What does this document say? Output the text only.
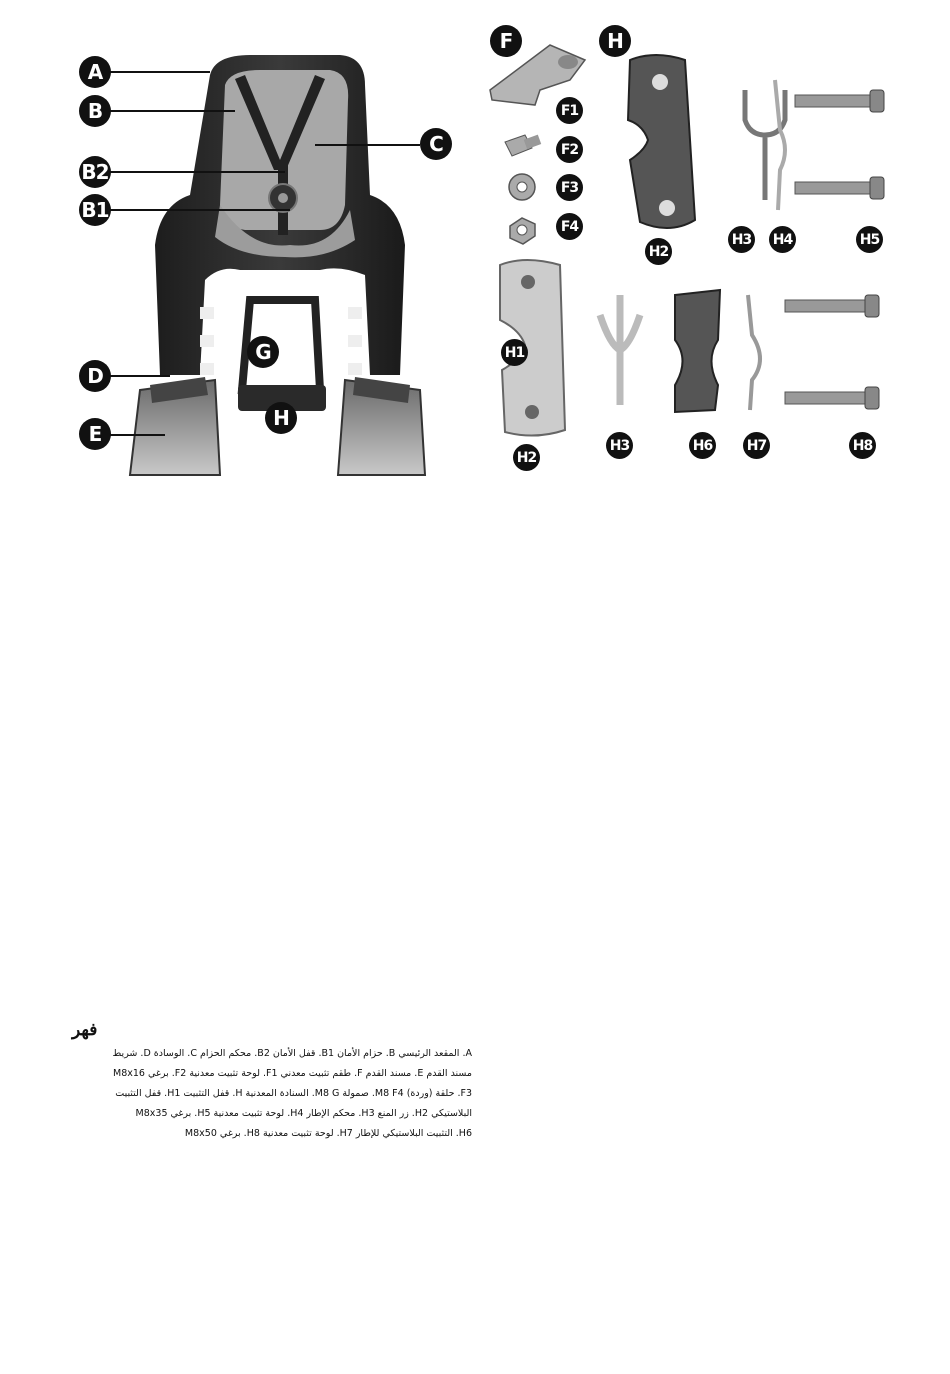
A
B
B2
B1
C
D
E
G
H
F	H
F1
F2
F3
F4
H2
H3 H4	H5
H1
H2
H3	H6 H7	H8
فهر
A. المقعد الرئيسي B. حزام الأمان B1. قفل الأمان B2. محكم الحزام C. الوسادة D. شريط
مسند القدم E. مسند القدم F. طقم تثبيت معدني F1. لوحة تثبيت معدنية F2. برغي M8x16
F3. حلقة (وردة) M8 F4. صمولة M8 G. السنادة المعدنية H. قفل التثبيت H1. قفل التثبيت
البلاستيكي H2. زر المنع H3. محكم الإطار H4. لوحة تثبيت معدنية H5. برغي M8x35
H6. التثبيت البلاستيكي للإطار H7. لوحة تثبيت معدنية H8. برغي M8x50
